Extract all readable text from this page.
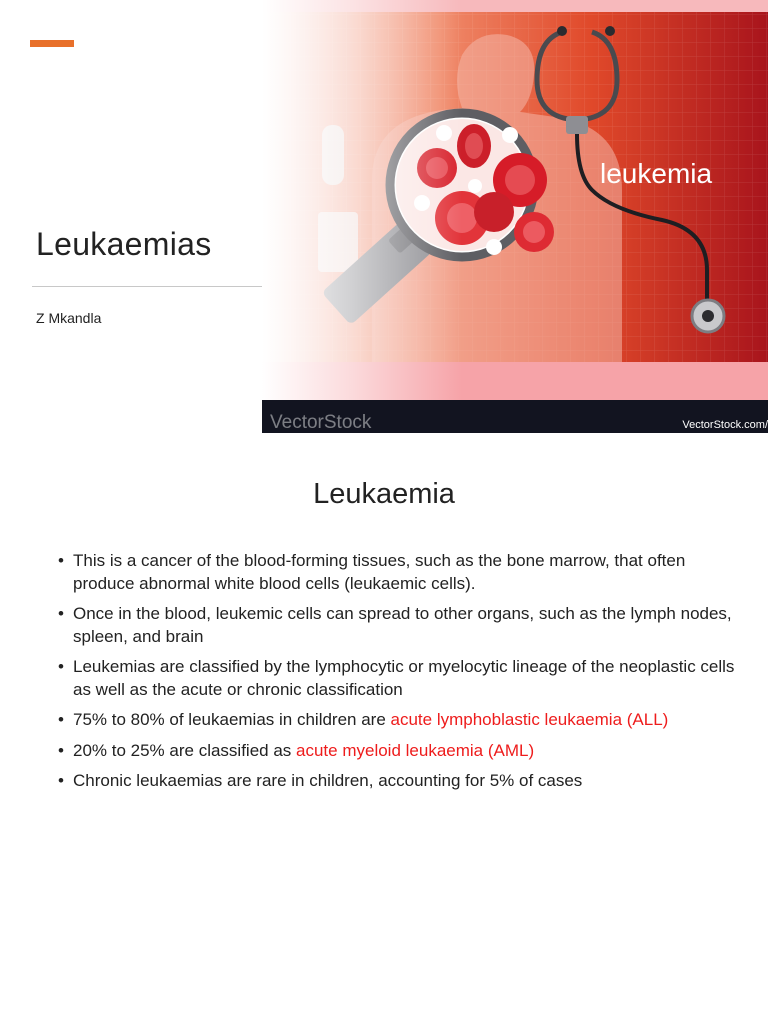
Leukaemias
Z Mkandla
leukemia
VectorStock	VectorStock.com/
Leukaemia
• This is a cancer of the blood-forming tissues, such as the bone marrow, that often produce abnormal white blood cells (leukaemic cells).
• Once in the blood, leukemic cells can spread to other organs, such as the lymph nodes, spleen, and brain
• Leukemias are classified by the lymphocytic or myelocytic lineage of the neoplastic cells as well as the acute or chronic classification
• 75% to 80% of leukaemias in children are acute lymphoblastic leukaemia (ALL)
• 20% to 25% are classified as acute myeloid leukaemia (AML)
• Chronic leukaemias are rare in children, accounting for 5% of cases
